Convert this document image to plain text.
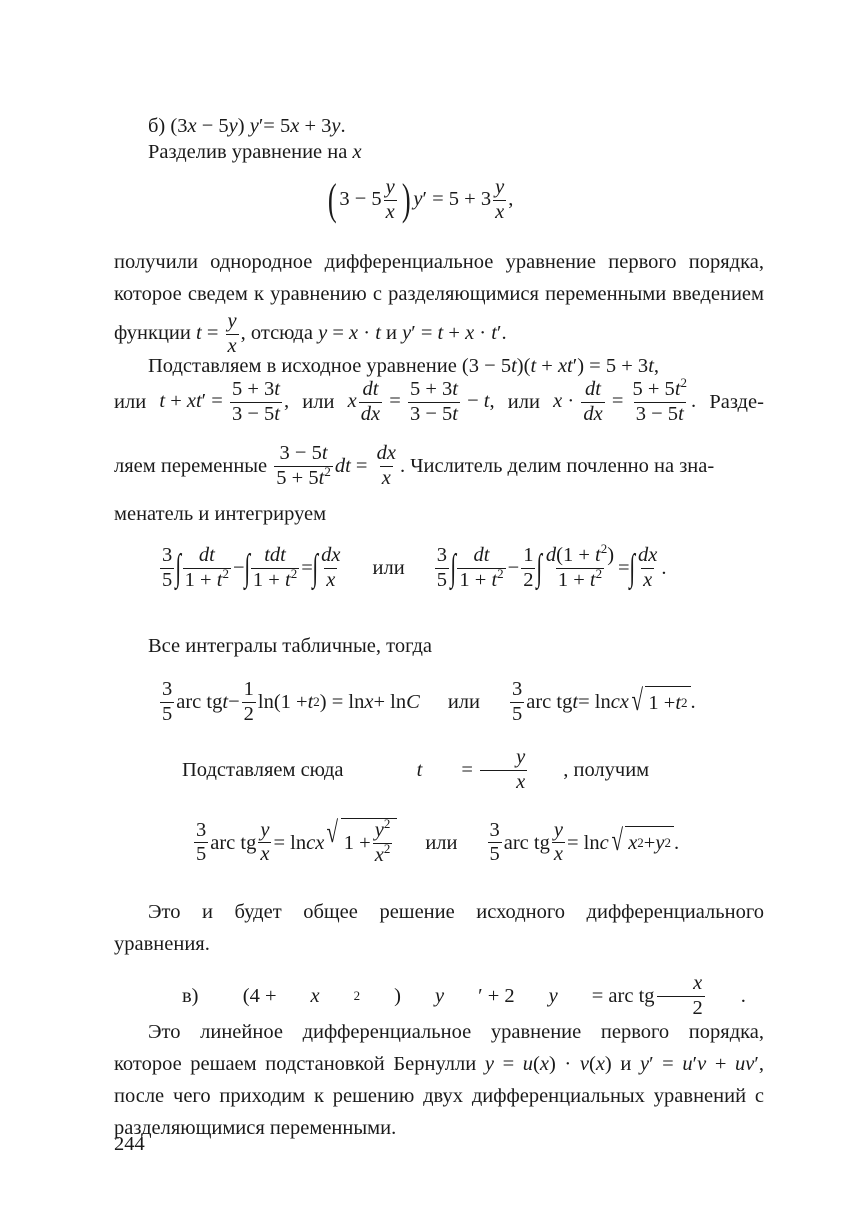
б) (3x − 5y) y′= 5x + 3y.

Разделив уравнение на x

( $3 - 5 \frac{y}{x}$ ) $y' = 5 + 3 \frac{y}{x}$ ,

получили однородное дифференциальное уравнение первого порядка, которое сведем к уравнению с разделяющимися переменными введением функции $t = \frac{y}{x}$ , отсюда y = x · t и y′ = t + x · t′.

Подставляем в исходное уравнение (3 − 5t)(t + xt′) = 5 + 3t,

или $t + xt' = \frac{5 + 3t}{3 - 5t}$ , или x $\frac{dt}{dx} = \frac{5 + 3t}{3 - 5t} - t$, или $x \cdot \frac{dt}{dx} = \frac{5 + 5t^2}{3 - 5t}$ . Разде-
ляем переменные

3 − 5t
$5 + 5t^2$ dt =
dx
x
. Числитель делим почленно на зна-

менатель и интегрируем

3
5 ∫ dt
$1 + t^2$ − ∫ tdt
$1 + t^2$ = ∫ dx
x
или
3
5 ∫ dt
$1 + t^2$ −
1
2 ∫ $d(1 + t^2)$
$1 + t^2$ = ∫ dx
x
.

Все интегралы табличные, тогда

3
5
arc tg t −
1
2
ln(1 + t 2 ) = ln x + ln C или
3
5
arc tg t = ln cx √ 1 + t 2 .
Подставляем сюда
	t =
y
x
, получим
3
5
arc tg
y
x
= ln cx √ 1 +
$y^2$
$x^2$ или
3
5
arc tg
y
x
= ln c √ x 2 + y 2 .

Это и будет общее решение исходного дифференциального уравнения.

в) (4 +	x	2 )	y ′ + 2	y = arc tg
x
2
.

Это линейное дифференциальное уравнение первого порядка, которое решаем подстановкой Бернулли y = u(x) · v(x) и y′ = u′v + uv′, после чего приходим к решению двух дифференциальных уравнений с разделяющимися переменными.

244
